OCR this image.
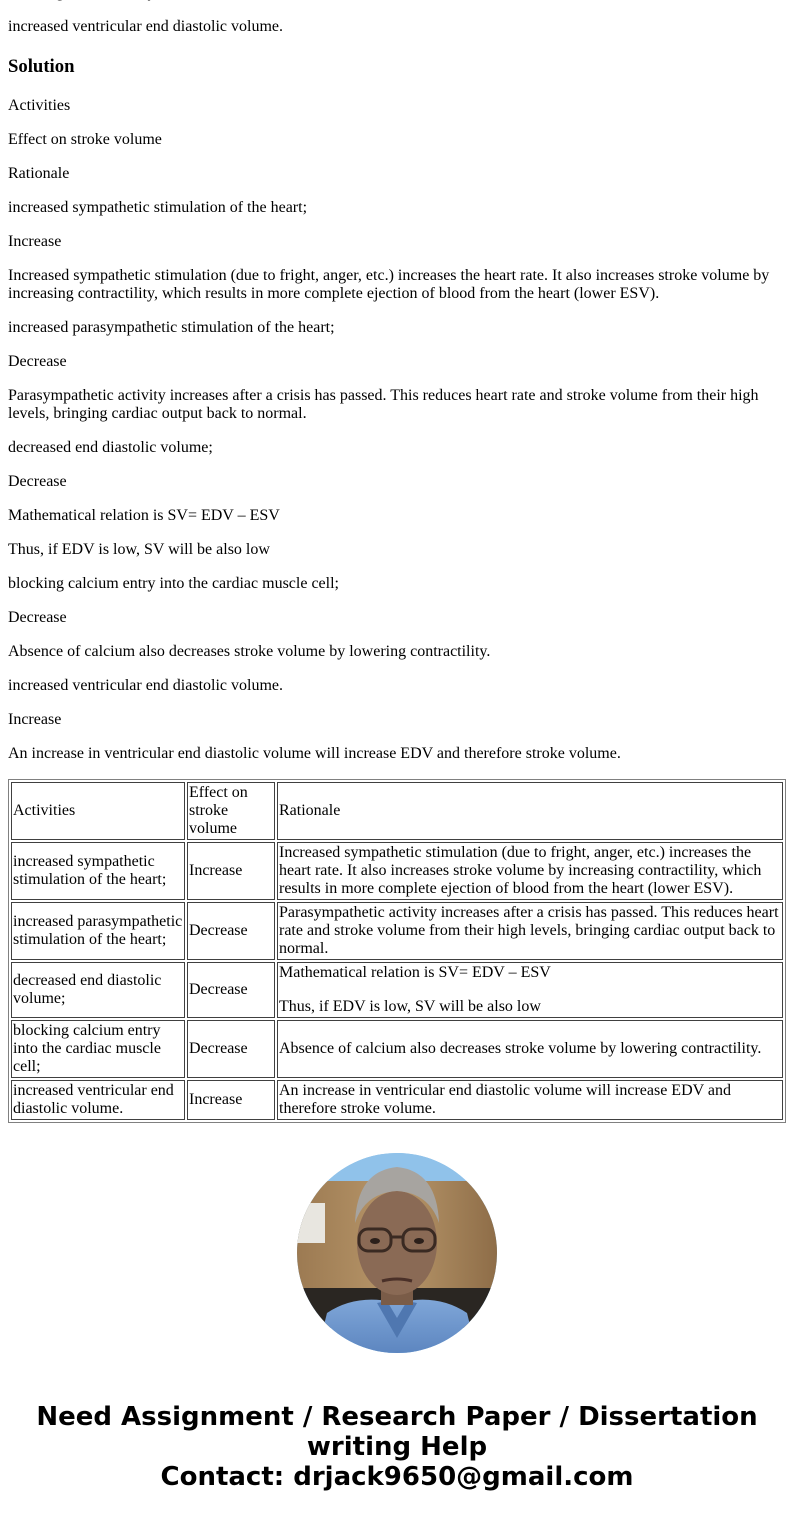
increased ventricular end diastolic volume.

Solution

Activities

Effect on stroke volume

Rationale

increased sympathetic stimulation of the heart;

Increase

Increased sympathetic stimulation (due to fright, anger, etc.) increases the heart rate. It also increases stroke volume by increasing contractility, which results in more complete ejection of blood from the heart (lower ESV).

increased parasympathetic stimulation of the heart;

Decrease

Parasympathetic activity increases after a crisis has passed. This reduces heart rate and stroke volume from their high levels, bringing cardiac output back to normal.

decreased end diastolic volume;

Decrease

Mathematical relation is SV= EDV – ESV

Thus, if EDV is low, SV will be also low

blocking calcium entry into the cardiac muscle cell;

Decrease

Absence of calcium also decreases stroke volume by lowering contractility.

increased ventricular end diastolic volume.

Increase

An increase in ventricular end diastolic volume will increase EDV and therefore stroke volume.

Activities	Effect on stroke volume	Rationale
increased sympathetic stimulation of the heart;	Increase	Increased sympathetic stimulation (due to fright, anger, etc.) increases the heart rate. It also increases stroke volume by increasing contractility, which results in more complete ejection of blood from the heart (lower ESV).

increased parasympathetic stimulation of the heart;	Decrease	Parasympathetic activity increases after a crisis has passed. This reduces heart rate and stroke volume from their high levels, bringing cardiac output back to normal.

decreased end diastolic volume;	Decrease	Mathematical relation is SV= EDV – ESV

Thus, if EDV is low, SV will be also low

blocking calcium entry into the cardiac muscle cell;	Decrease	Absence of calcium also decreases stroke volume by lowering contractility.

increased ventricular end diastolic volume.	Increase	An increase in ventricular end diastolic volume will increase EDV and therefore stroke volume.

Need Assignment / Research Paper / Dissertation
writing Help
Contact: drjack9650@gmail.com
